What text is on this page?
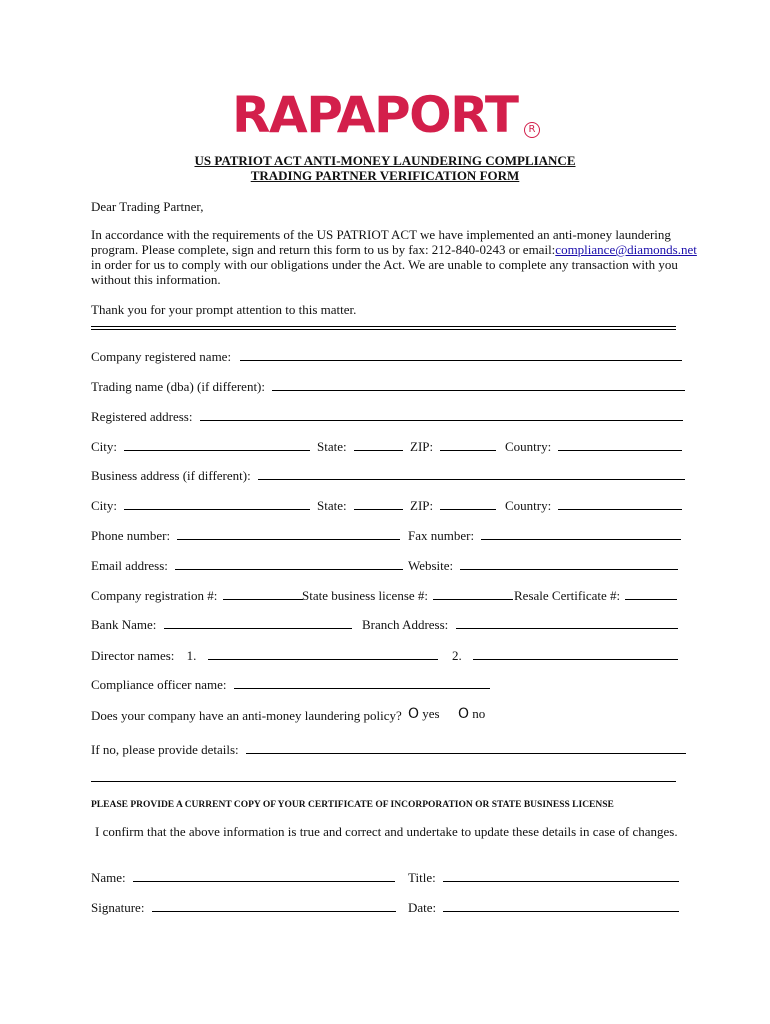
RAPAPORT	R
US PATRIOT ACT ANTI-MONEY LAUNDERING COMPLIANCE
TRADING PARTNER VERIFICATION FORM
Dear Trading Partner,
In accordance with the requirements of the US PATRIOT ACT we have implemented an anti-money laundering
program. Please complete, sign and return this form to us by fax: 212-840-0243 or email:compliance@diamonds.net
in order for us to comply with our obligations under the Act. We are unable to complete any transaction with you
without this information.
Thank you for your prompt attention to this matter.
Company registered name:
Trading name (dba) (if different):
Registered address:
City:	State:	ZIP:	Country:
Business address (if different):
City:	State:	ZIP:	Country:
Phone number:	Fax number:
Email address:	Website:
Company registration #:	State business license #:	Resale Certificate #:
Bank Name:	Branch Address:
Director names: 1.	2.
Compliance officer name:
Does your company have an anti-money laundering policy? O yes O no
If no, please provide details:
PLEASE PROVIDE A CURRENT COPY OF YOUR CERTIFICATE OF INCORPORATION OR STATE BUSINESS LICENSE
I confirm that the above information is true and correct and undertake to update these details in case of changes.
Name:	Title:
Signature:	Date:
